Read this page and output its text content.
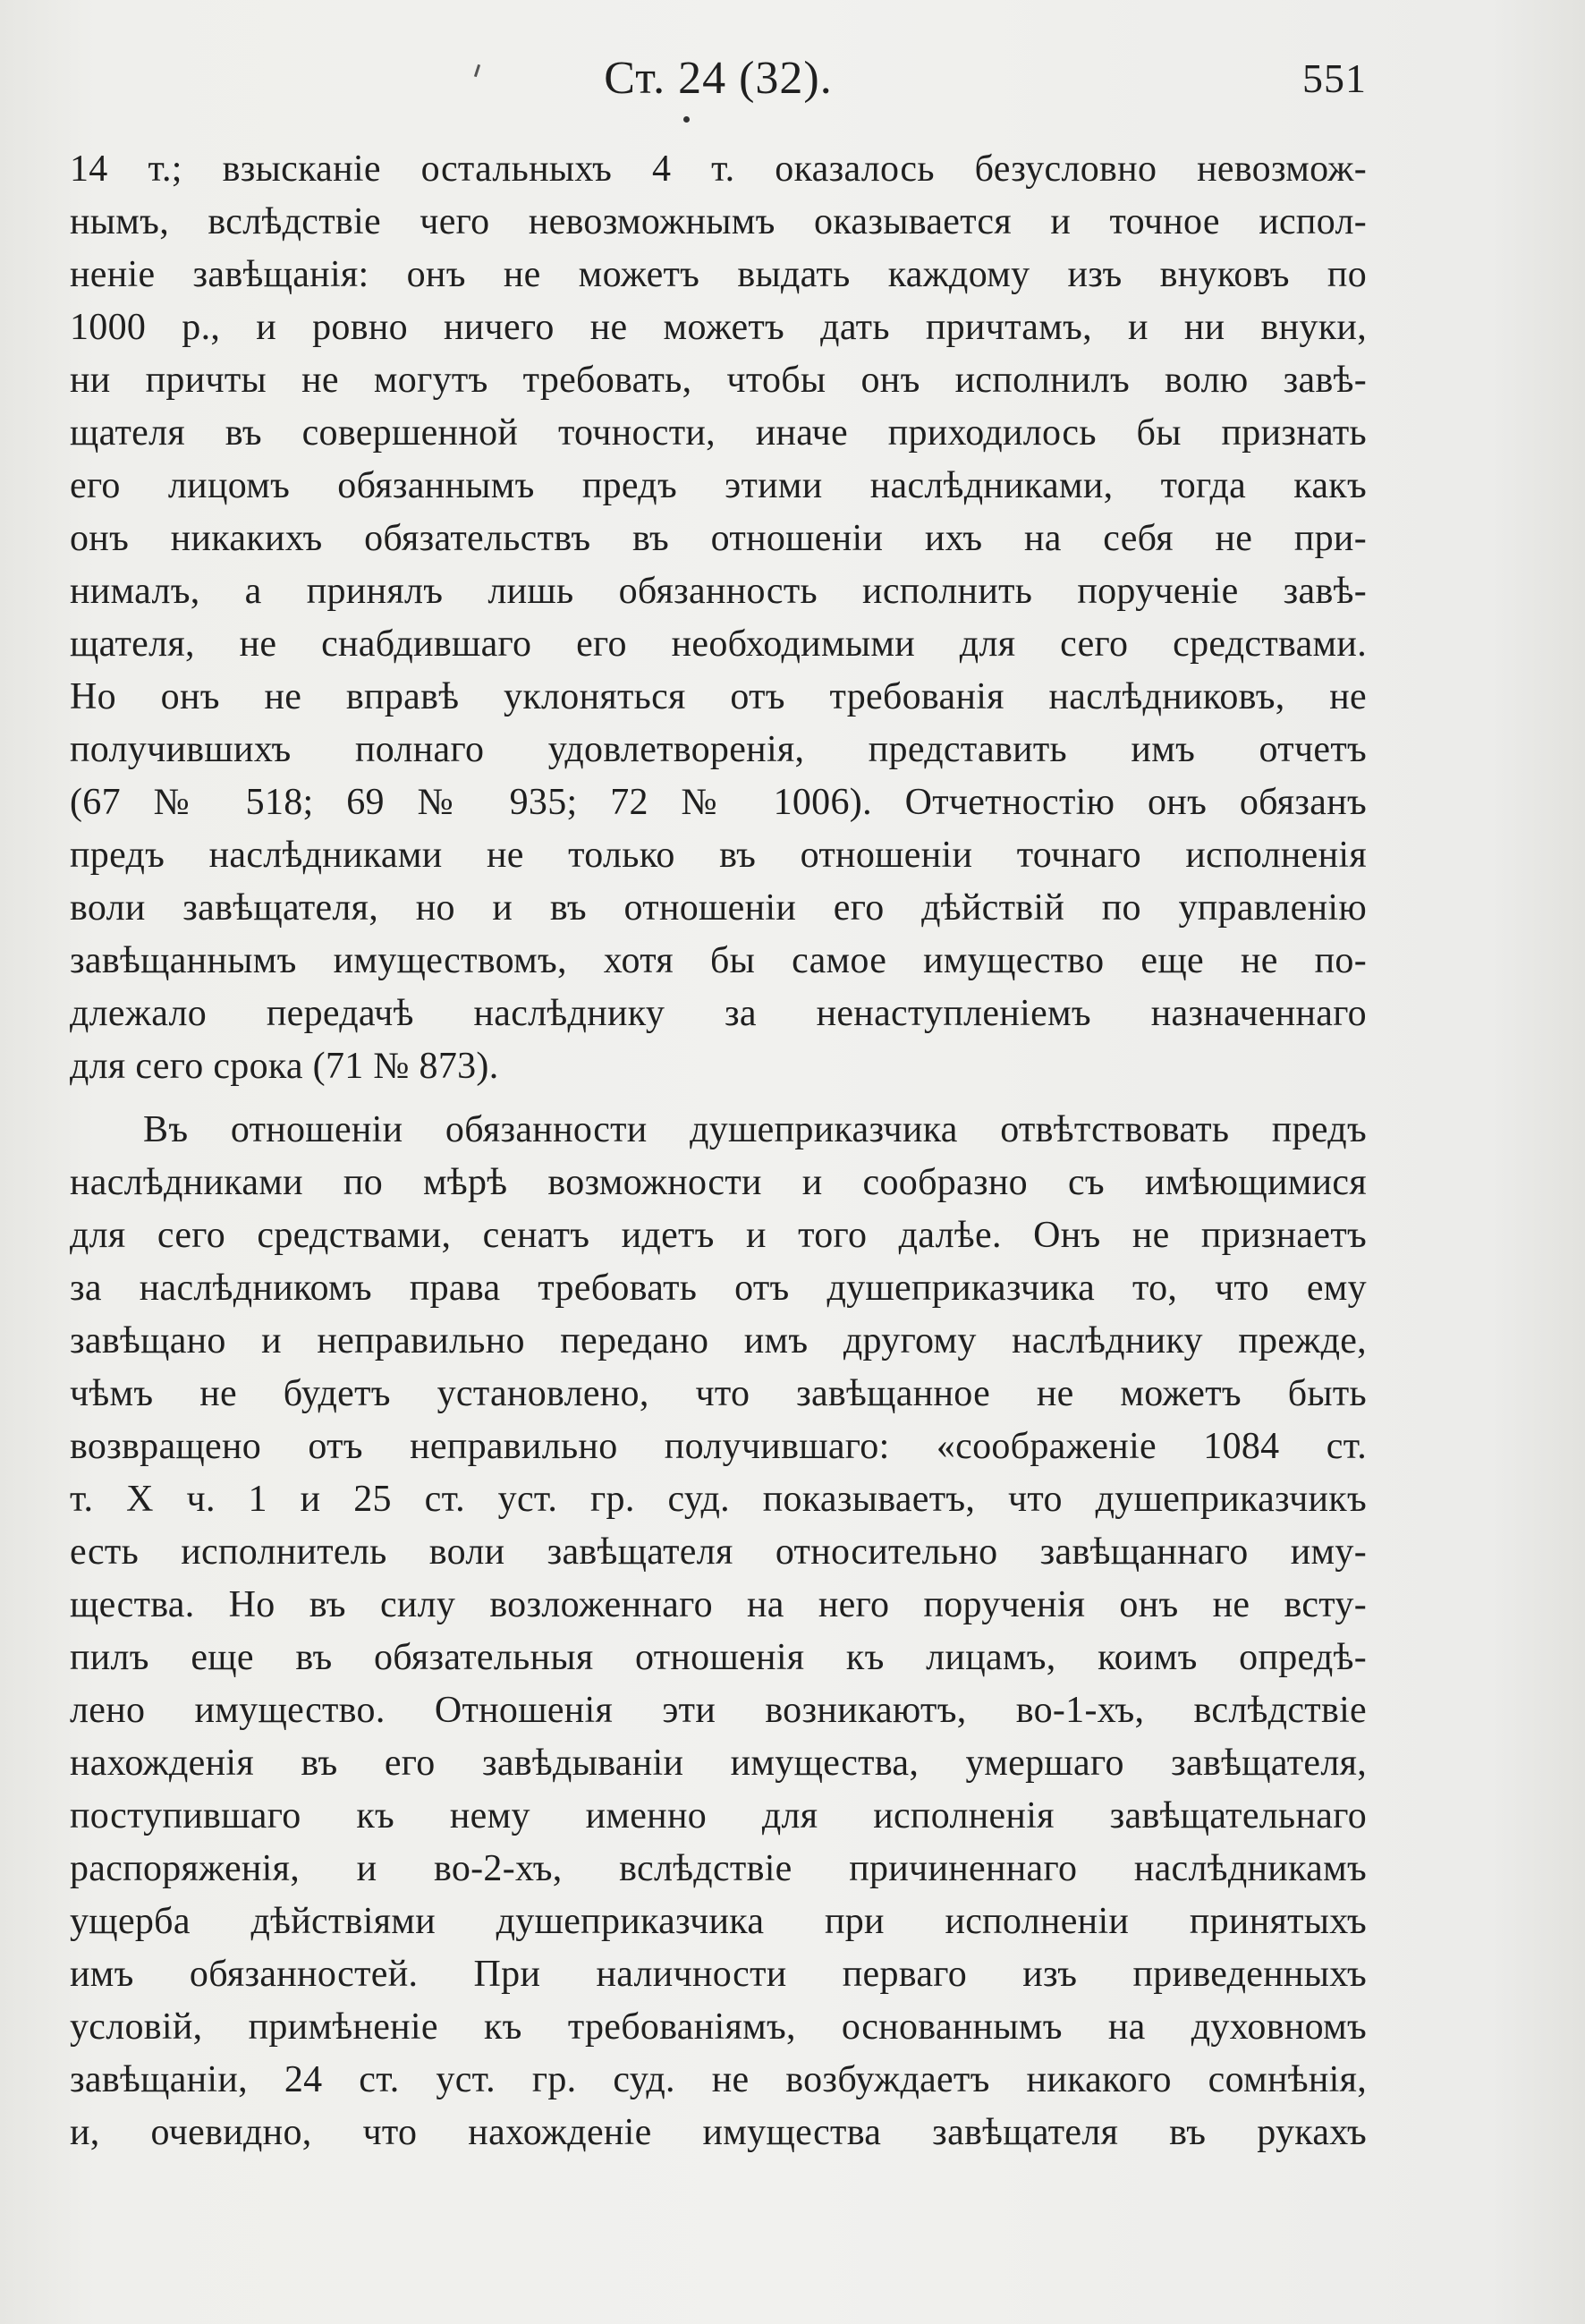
Ст. 24 (32).	551
14 т.; взысканіе остальныхъ 4 т. оказалось безусловно невозмож-
нымъ, вслѣдствіе чего невозможнымъ оказывается и точное испол-
неніе завѣщанія: онъ не можетъ выдать каждому изъ внуковъ по
1000 р., и ровно ничего не можетъ дать причтамъ, и ни внуки,
ни причты не могутъ требовать, чтобы онъ исполнилъ волю завѣ-
щателя въ совершенной точности, иначе приходилось бы признать
его лицомъ обязаннымъ предъ этими наслѣдниками, тогда какъ
онъ никакихъ обязательствъ въ отношеніи ихъ на себя не при-
нималъ, а принялъ лишь обязанность исполнить порученіе завѣ-
щателя, не снабдившаго его необходимыми для сего средствами.
Но онъ не вправѣ уклоняться отъ требованія наслѣдниковъ, не
получившихъ полнаго удовлетворенія, представить имъ отчетъ
(67 № 518; 69 № 935; 72 № 1006). Отчетностію онъ обязанъ
предъ наслѣдниками не только въ отношеніи точнаго исполненія
воли завѣщателя, но и въ отношеніи его дѣйствій по управленію
завѣщаннымъ имуществомъ, хотя бы самое имущество еще не по-
длежало передачѣ наслѣднику за ненаступленіемъ назначеннаго
для сего срока (71 № 873).
Въ отношеніи обязанности душеприказчика отвѣтствовать предъ
наслѣдниками по мѣрѣ возможности и сообразно съ имѣющимися
для сего средствами, сенатъ идетъ и того далѣе. Онъ не признаетъ
за наслѣдникомъ права требовать отъ душеприказчика то, что ему
завѣщано и неправильно передано имъ другому наслѣднику прежде,
чѣмъ не будетъ установлено, что завѣщанное не можетъ быть
возвращено отъ неправильно получившаго: «соображеніе 1084 ст.
т. X ч. 1 и 25 ст. уст. гр. суд. показываетъ, что душеприказчикъ
есть исполнитель воли завѣщателя относительно завѣщаннаго иму-
щества. Но въ силу возложеннаго на него порученія онъ не всту-
пилъ еще въ обязательныя отношенія къ лицамъ, коимъ опредѣ-
лено имущество. Отношенія эти возникаютъ, во-1-хъ, вслѣдствіе
нахожденія въ его завѣдываніи имущества, умершаго завѣщателя,
поступившаго къ нему именно для исполненія завѣщательнаго
распоряженія, и во-2-хъ, вслѣдствіе причиненнаго наслѣдникамъ
ущерба дѣйствіями душеприказчика при исполненіи принятыхъ
имъ обязанностей. При наличности перваго изъ приведенныхъ
условій, примѣненіе къ требованіямъ, основаннымъ на духовномъ
завѣщаніи, 24 ст. уст. гр. суд. не возбуждаетъ никакого сомнѣнія,
и, очевидно, что нахожденіе имущества завѣщателя въ рукахъ
